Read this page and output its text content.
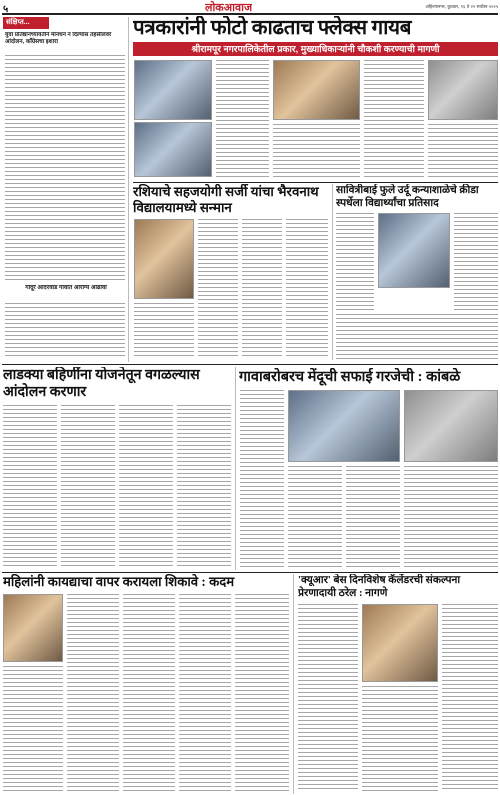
५	लोकआवाज	अहिल्यानगर, बुधवार, १६ ते २२ सप्टेंबर २०२५
संक्षिप्त...
युवा प्रतिष्ठानच्यावतीने मानधन न दिल्यास तहसीलवर आंदोलन, काँग्रेसचा इशारा
गोंदूरे आदरवाड गावात आरोग्य आढावा
पत्रकारांनी फोटो काढताच फ्लेक्स गायब
श्रीरामपूर नगरपालिकेतील प्रकार, मुख्याधिकाऱ्यांनी चौकशी करण्याची मागणी
रशियाचे सहजयोगी सर्जी यांचा भैरवनाथ विद्यालयामध्ये सन्मान
सावित्रीबाई फुले उर्दू कन्याशाळेचे क्रीडा स्पर्धेला विद्यार्थ्यांचा प्रतिसाद
लाडक्या बहिणींना योजनेतून वगळल्यास आंदोलन करणार
गावाबरोबरच मेंदूची सफाई गरजेची : कांबळे
महिलांनी कायद्याचा वापर करायला शिकावे : कदम	'क्यूआर' बेस दिनविशेष कॅलेंडरची संकल्पना प्रेरणादायी ठरेल : नागणे
